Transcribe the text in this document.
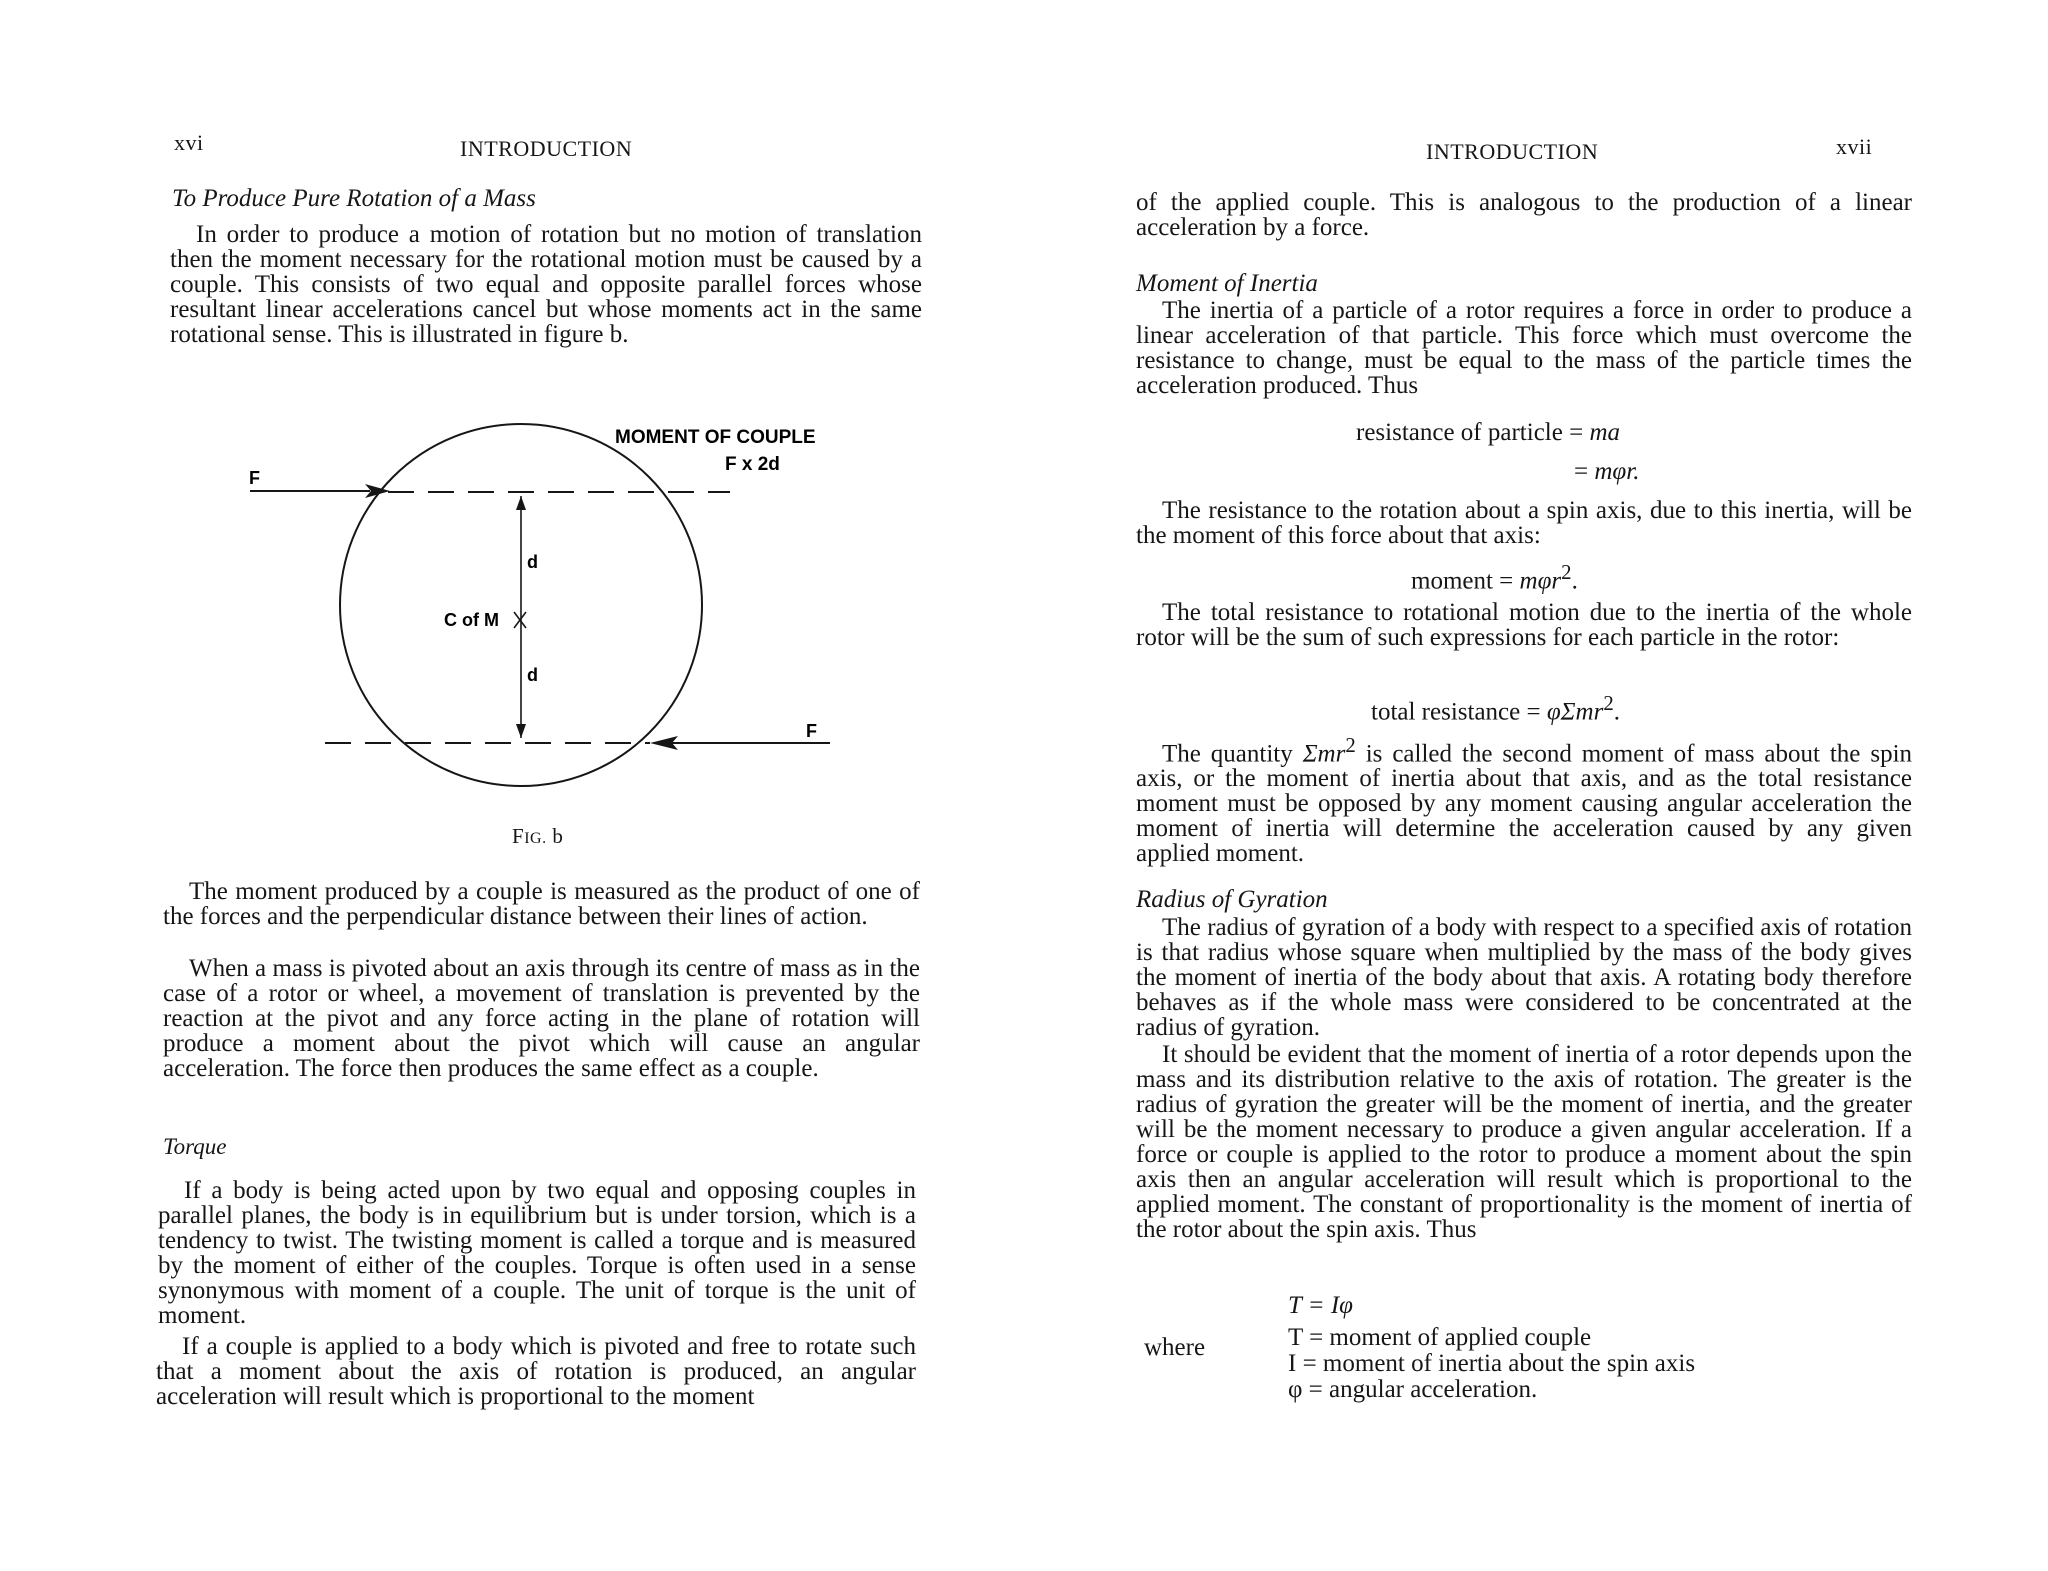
xvi	INTRODUCTION
To Produce Pure Rotation of a Mass

In order to produce a motion of rotation but no motion of translation then the moment necessary for the rotational motion must be caused by a couple. This consists of two equal and opposite parallel forces whose resultant linear accelerations cancel but whose moments act in the same rotational sense. This is illustrated in figure b.

MOMENT OF COUPLE
F x 2d
F
F
d
d
C of M
FIG. b

The moment produced by a couple is measured as the product of one of the forces and the perpendicular distance between their lines of action.

When a mass is pivoted about an axis through its centre of mass as in the case of a rotor or wheel, a movement of translation is prevented by the reaction at the pivot and any force acting in the plane of rotation will produce a moment about the pivot which will cause an angular acceleration. The force then produces the same effect as a couple.

Torque

If a body is being acted upon by two equal and opposing couples in parallel planes, the body is in equilibrium but is under torsion, which is a tendency to twist. The twisting moment is called a torque and is measured by the moment of either of the couples. Torque is often used in a sense synonymous with moment of a couple. The unit of torque is the unit of moment.

If a couple is applied to a body which is pivoted and free to rotate such that a moment about the axis of rotation is produced, an angular acceleration will result which is proportional to the moment

INTRODUCTION	xvii

of the applied couple. This is analogous to the production of a linear acceleration by a force.

Moment of Inertia

The inertia of a particle of a rotor requires a force in order to produce a linear acceleration of that particle. This force which must overcome the resistance to change, must be equal to the mass of the particle times the acceleration produced. Thus

resistance of particle = ma
= mφr.

The resistance to the rotation about a spin axis, due to this inertia, will be the moment of this force about that axis:

moment = mφr$^2$.

The total resistance to rotational motion due to the inertia of the whole rotor will be the sum of such expressions for each particle in the rotor:

total resistance = φΣmr$^2$.

The quantity Σmr$^2$ is called the second moment of mass about the spin axis, or the moment of inertia about that axis, and as the total resistance moment must be opposed by any moment causing angular acceleration the moment of inertia will determine the acceleration caused by any given applied moment.

Radius of Gyration

The radius of gyration of a body with respect to a specified axis of rotation is that radius whose square when multiplied by the mass of the body gives the moment of inertia of the body about that axis. A rotating body therefore behaves as if the whole mass were considered to be concentrated at the radius of gyration.

It should be evident that the moment of inertia of a rotor depends upon the mass and its distribution relative to the axis of rotation. The greater is the radius of gyration the greater will be the moment of inertia, and the greater will be the moment necessary to produce a given angular acceleration. If a force or couple is applied to the rotor to produce a moment about the spin axis then an angular acceleration will result which is proportional to the applied moment. The constant of proportionality is the moment of inertia of the rotor about the spin axis. Thus

T = Iφ
where	T = moment of applied couple
I = moment of inertia about the spin axis
φ = angular acceleration.
